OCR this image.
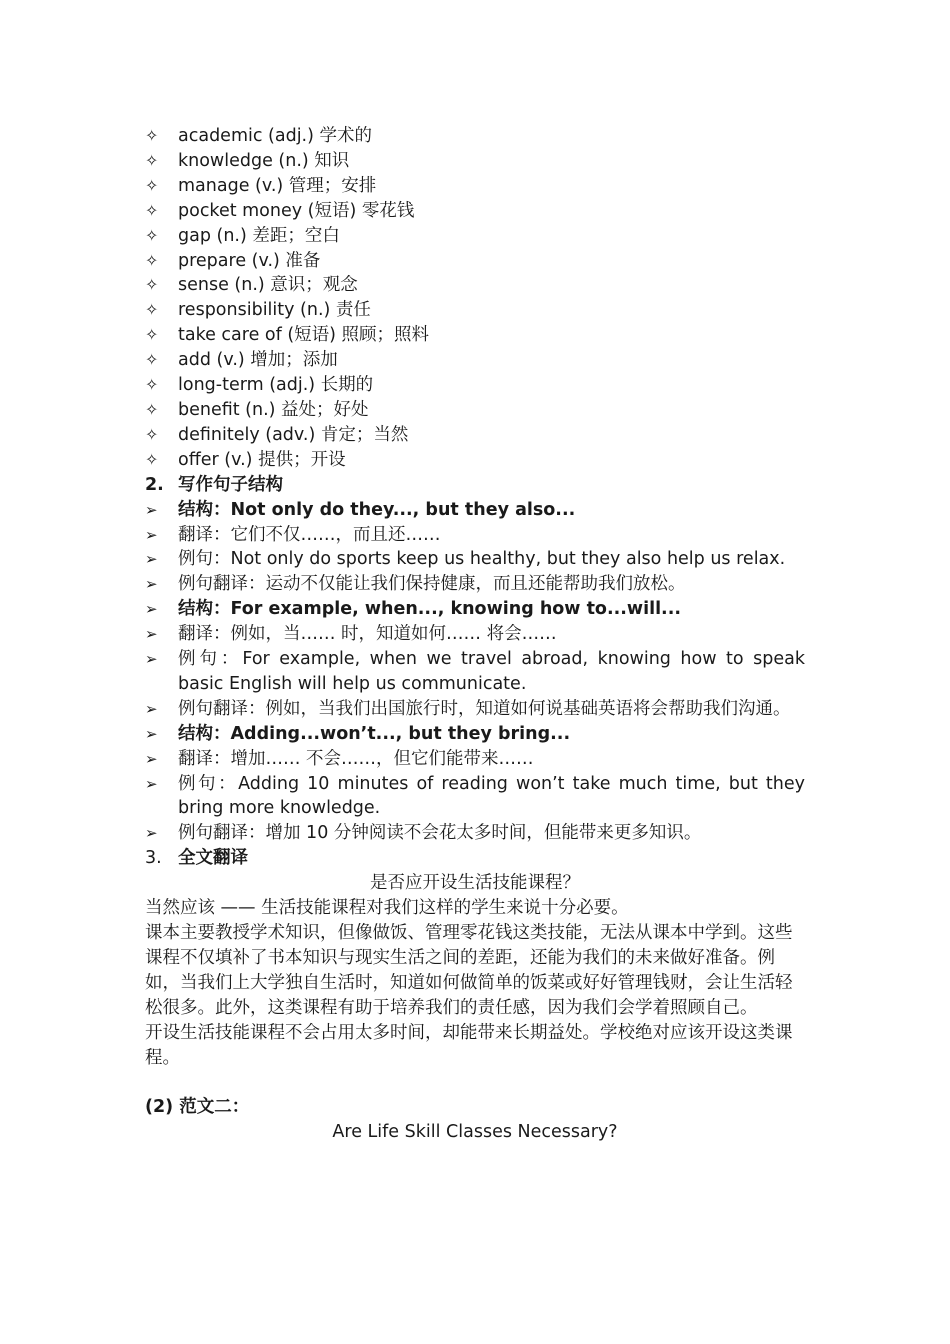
✧	academic (adj.) 学术的
✧	knowledge (n.) 知识
✧	manage (v.) 管理；安排
✧	pocket money (短语) 零花钱
✧	gap (n.) 差距；空白
✧	prepare (v.) 准备
✧	sense (n.) 意识；观念
✧	responsibility (n.) 责任
✧	take care of (短语) 照顾；照料
✧	add (v.) 增加；添加
✧	long-term (adj.) 长期的
✧	benefit (n.) 益处；好处
✧	definitely (adv.) 肯定；当然
✧	offer (v.) 提供；开设
2. 写作句子结构
➢	结构：Not only do they..., but they also...
➢	翻译：它们不仅……，而且还……
➢	例句：Not only do sports keep us healthy, but they also help us relax.
➢	例句翻译：运动不仅能让我们保持健康，而且还能帮助我们放松。
➢	结构：For example, when..., knowing how to...will...
➢	翻译：例如，当…… 时，知道如何…… 将会……
➢	例句：For example, when we travel abroad, knowing how to speak basic English will help us communicate.
➢	例句翻译：例如，当我们出国旅行时，知道如何说基础英语将会帮助我们沟通。
➢	结构：Adding...won’t..., but they bring...
➢	翻译：增加…… 不会……，但它们能带来……
➢	例句：Adding 10 minutes of reading won’t take much time, but they bring more knowledge.
➢	例句翻译：增加 10 分钟阅读不会花太多时间，但能带来更多知识。
3. 全文翻译
是否应开设生活技能课程？
当然应该 —— 生活技能课程对我们这样的学生来说十分必要。
课本主要教授学术知识，但像做饭、管理零花钱这类技能，无法从课本中学到。这些课程不仅填补了书本知识与现实生活之间的差距，还能为我们的未来做好准备。例如，当我们上大学独自生活时，知道如何做简单的饭菜或好好管理钱财，会让生活轻松很多。此外，这类课程有助于培养我们的责任感，因为我们会学着照顾自己。
开设生活技能课程不会占用太多时间，却能带来长期益处。学校绝对应该开设这类课程。
(2) 范文二：
Are Life Skill Classes Necessary?
